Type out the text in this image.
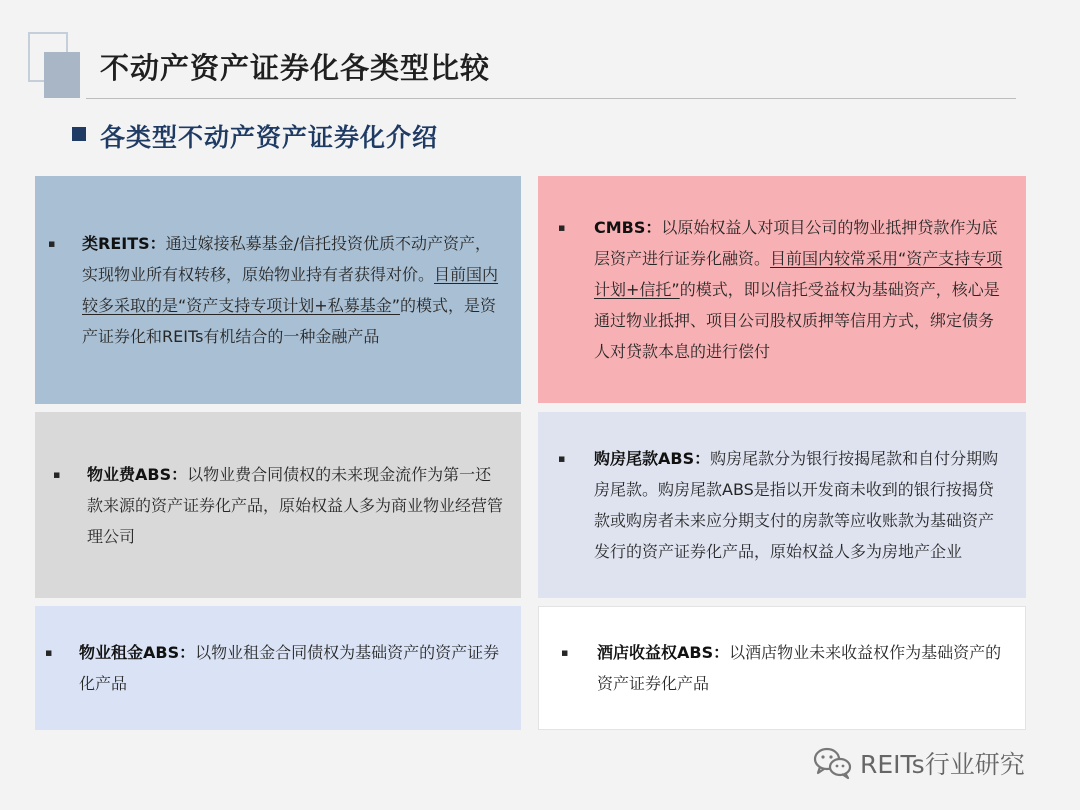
不动产资产证券化各类型比较
各类型不动产资产证券化介绍
▪ 类REITS：通过嫁接私募基金/信托投资优质不动产资产，实现物业所有权转移，原始物业持有者获得对价。目前国内较多采取的是“资产支持专项计划+私募基金”的模式，是资产证券化和REITs有机结合的一种金融产品
▪ CMBS：以原始权益人对项目公司的物业抵押贷款作为底层资产进行证券化融资。目前国内较常采用“资产支持专项计划+信托”的模式，即以信托受益权为基础资产，核心是通过物业抵押、项目公司股权质押等信用方式，绑定债务人对贷款本息的进行偿付
▪ 物业费ABS：以物业费合同债权的未来现金流作为第一还款来源的资产证券化产品，原始权益人多为商业物业经营管理公司
▪ 购房尾款ABS：购房尾款分为银行按揭尾款和自付分期购房尾款。购房尾款ABS是指以开发商未收到的银行按揭贷款或购房者未来应分期支付的房款等应收账款为基础资产发行的资产证券化产品，原始权益人多为房地产企业
▪ 物业租金ABS：以物业租金合同债权为基础资产的资产证券化产品
▪ 酒店收益权ABS：以酒店物业未来收益权作为基础资产的资产证券化产品
REITs行业研究
